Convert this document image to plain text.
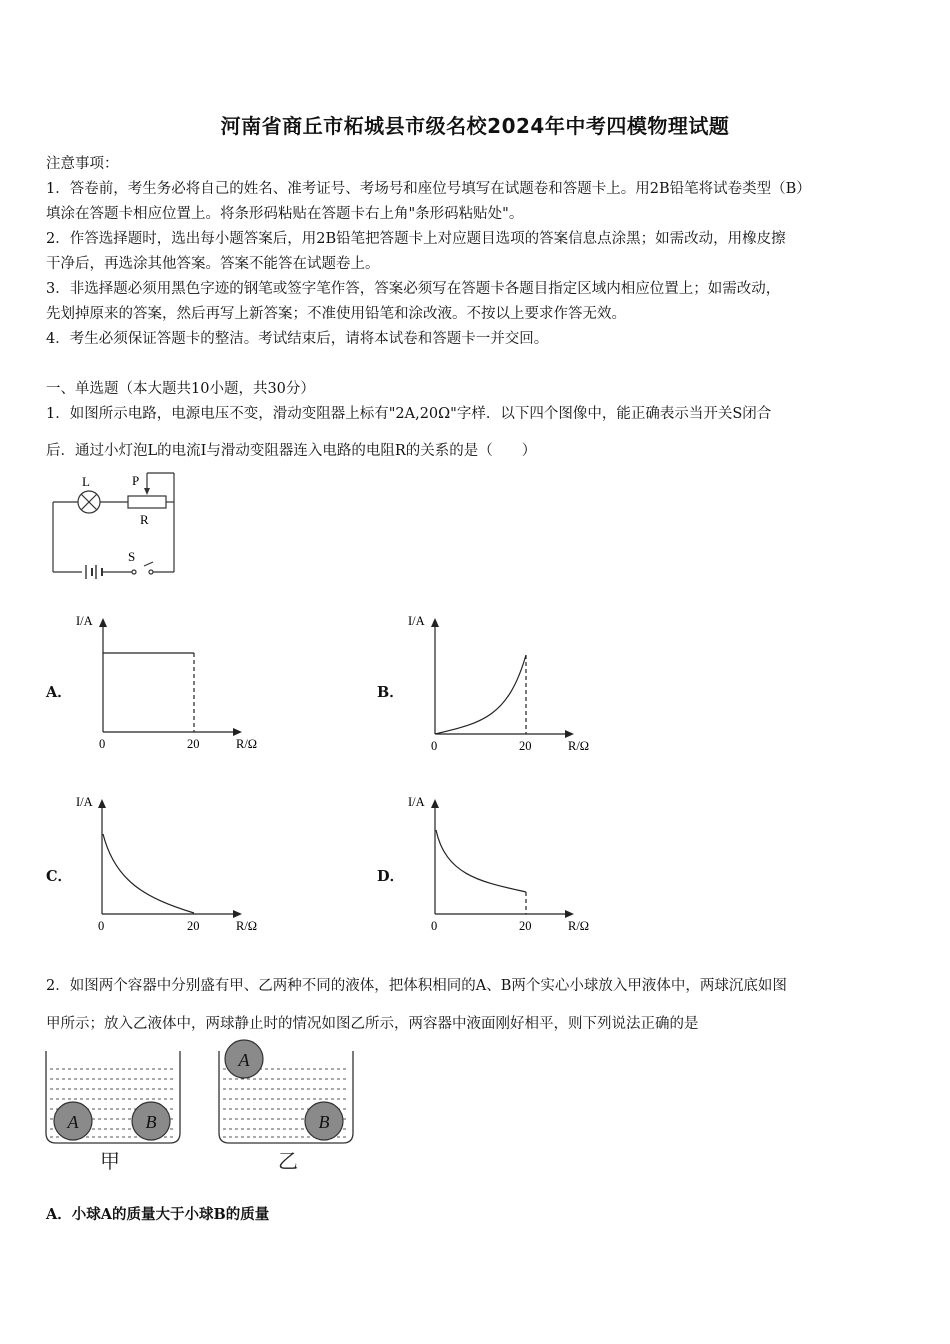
河南省商丘市柘城县市级名校2024年中考四模物理试题
注意事项：
1．答卷前，考生务必将自己的姓名、准考证号、考场号和座位号填写在试题卷和答题卡上。用2B铅笔将试卷类型（B）
填涂在答题卡相应位置上。将条形码粘贴在答题卡右上角"条形码粘贴处"。
2．作答选择题时，选出每小题答案后，用2B铅笔把答题卡上对应题目选项的答案信息点涂黑；如需改动，用橡皮擦
干净后，再选涂其他答案。答案不能答在试题卷上。
3．非选择题必须用黑色字迹的钢笔或签字笔作答，答案必须写在答题卡各题目指定区域内相应位置上；如需改动，
先划掉原来的答案，然后再写上新答案；不准使用铅笔和涂改液。不按以上要求作答无效。
4．考生必须保证答题卡的整洁。考试结束后，请将本试卷和答题卡一并交回。
一、单选题（本大题共10小题，共30分）
1．如图所示电路，电源电压不变，滑动变阻器上标有"2A,20Ω"字样．以下四个图像中，能正确表示当开关S闭合
后．通过小灯泡L的电流I与滑动变阻器连入电路的电阻R的关系的是（　　）
L	P
R
S
A．
I/A
R/Ω
0	20
B．
I/A
R/Ω
0	20
C．
I/A
R/Ω
0	20
D．
I/A
R/Ω
0	20
2．如图两个容器中分别盛有甲、乙两种不同的液体，把体积相同的A、B两个实心小球放入甲液体中，两球沉底如图
甲所示；放入乙液体中，两球静止时的情况如图乙所示，两容器中液面刚好相平，则下列说法正确的是
A	B
甲
A
B
乙
A．小球A的质量大于小球B的质量
